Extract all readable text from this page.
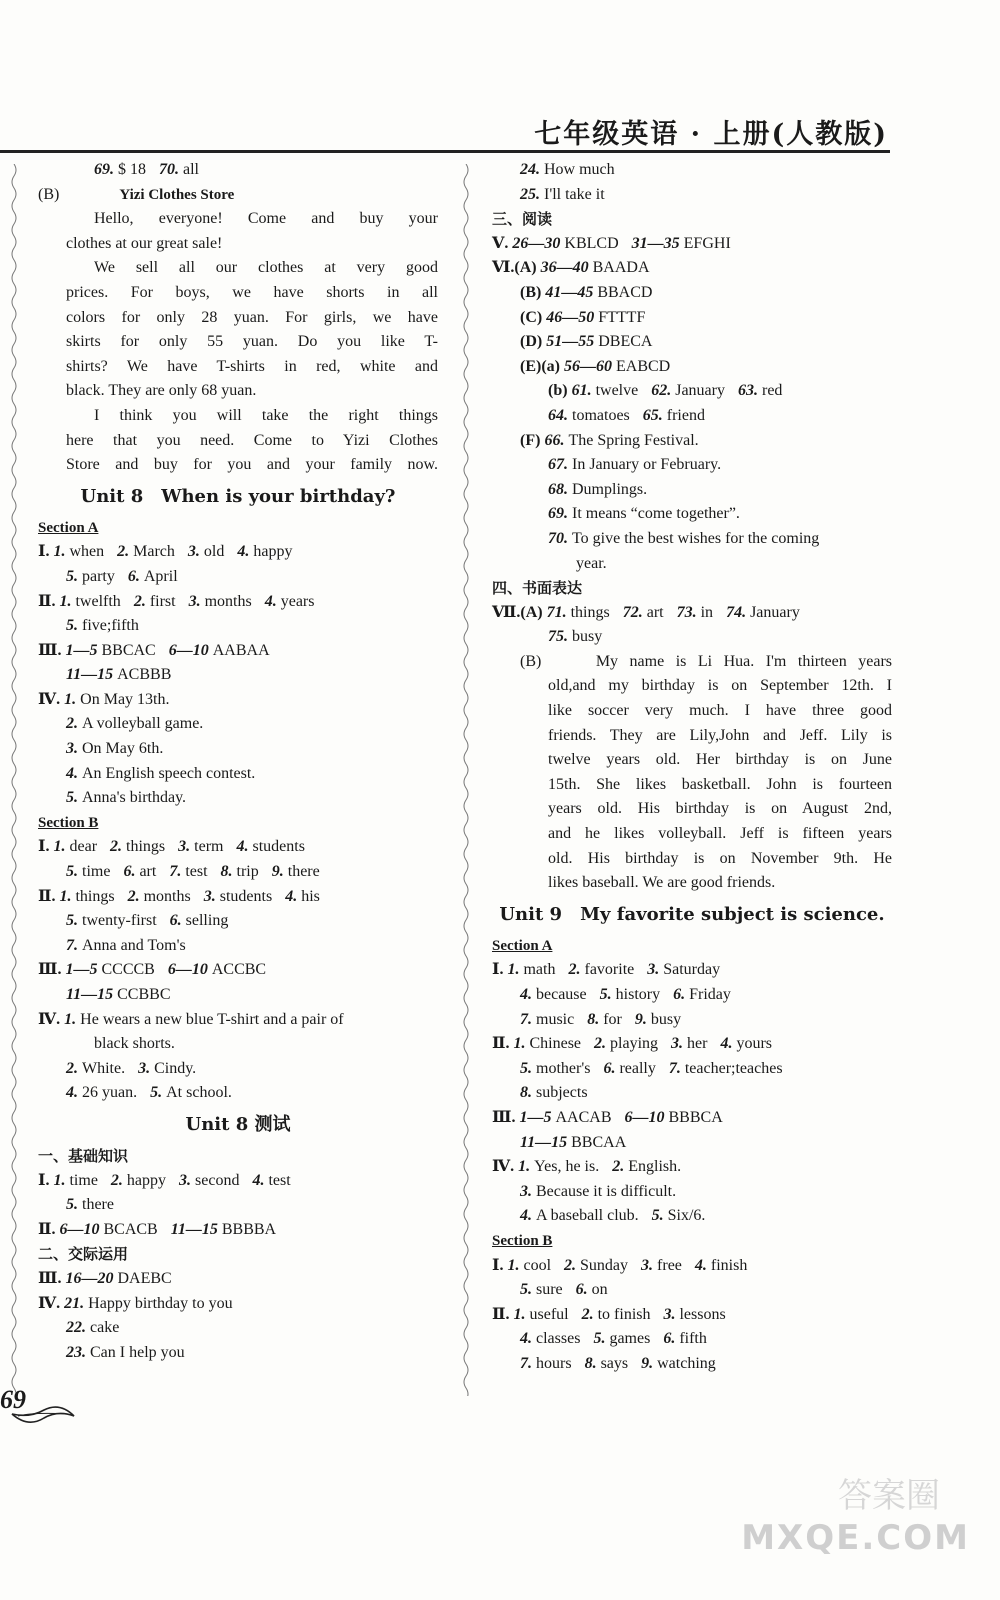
七年级英语 · 上册(人教版)
69. $ 18 70. all
(B)	Yizi Clothes Store
Hello, everyone! Come and buy your
clothes at our great sale!
We sell all our clothes at very good
prices. For boys, we have shorts in all
colors for only 28 yuan. For girls, we have
skirts for only 55 yuan. Do you like T-
shirts? We have T-shirts in red, white and
black. They are only 68 yuan.
I think you will take the right things
here that you need. Come to Yizi Clothes
Store and buy for you and your family now.
Unit 8　When is your birthday?
Section A
Ⅰ. 1. when 2. March 3. old 4. happy
5. party 6. April
Ⅱ. 1. twelfth 2. first 3. months 4. years
5. five;fifth
Ⅲ. 1—5 BBCAC 6—10 AABAA
11—15 ACBBB
Ⅳ. 1. On May 13th.
2. A volleyball game.
3. On May 6th.
4. An English speech contest.
5. Anna's birthday.
Section B
Ⅰ. 1. dear 2. things 3. term 4. students
5. time 6. art 7. test 8. trip 9. there
Ⅱ. 1. things 2. months 3. students 4. his
5. twenty-first 6. selling
7. Anna and Tom's
Ⅲ. 1—5 CCCCB 6—10 ACCBC
11—15 CCBBC
Ⅳ. 1. He wears a new blue T-shirt and a pair of
black shorts.
2. White. 3. Cindy.
4. 26 yuan. 5. At school.
Unit 8 测试
一、基础知识
Ⅰ. 1. time 2. happy 3. second 4. test
5. there
Ⅱ. 6—10 BCACB 11—15 BBBBA
二、交际运用
Ⅲ. 16—20 DAEBC
Ⅳ. 21. Happy birthday to you
22. cake
23. Can I help you
24. How much
25. I'll take it
三、阅读
Ⅴ. 26—30 KBLCD 31—35 EFGHI
Ⅵ.(A) 36—40 BAADA
(B) 41—45 BBACD
(C) 46—50 FTTTF
(D) 51—55 DBECA
(E)(a) 56—60 EABCD
(b) 61. twelve 62. January 63. red
64. tomatoes 65. friend
(F) 66. The Spring Festival.
67. In January or February.
68. Dumplings.
69. It means “come together”.
70. To give the best wishes for the coming
year.
四、书面表达
Ⅶ.(A) 71. things 72. art 73. in 74. January
75. busy
(B)　　My name is Li Hua. I'm thirteen years
old,and my birthday is on September 12th. I
like soccer very much. I have three good
friends. They are Lily,John and Jeff. Lily is
twelve years old. Her birthday is on June
15th. She likes basketball. John is fourteen
years old. His birthday is on August 2nd,
and he likes volleyball. Jeff is fifteen years
old. His birthday is on November 9th. He
likes baseball. We are good friends.
Unit 9　My favorite subject is science.
Section A
Ⅰ. 1. math 2. favorite 3. Saturday
4. because 5. history 6. Friday
7. music 8. for 9. busy
Ⅱ. 1. Chinese 2. playing 3. her 4. yours
5. mother's 6. really 7. teacher;teaches
8. subjects
Ⅲ. 1—5 AACAB 6—10 BBBCA
11—15 BBCAA
Ⅳ. 1. Yes, he is. 2. English.
3. Because it is difficult.
4. A baseball club. 5. Six/6.
Section B
Ⅰ. 1. cool 2. Sunday 3. free 4. finish
5. sure 6. on
Ⅱ. 1. useful 2. to finish 3. lessons
4. classes 5. games 6. fifth
7. hours 8. says 9. watching
69
答案圈
MXQE.COM
